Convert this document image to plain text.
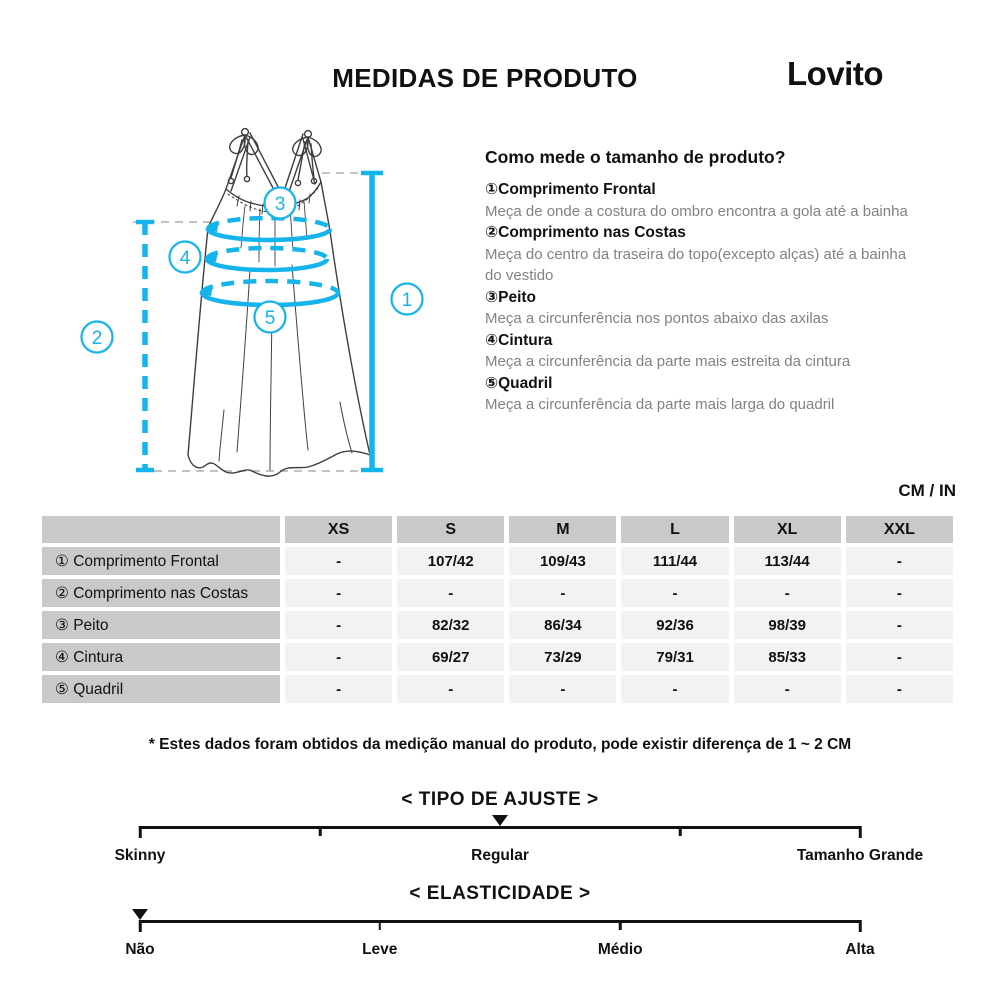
MEDIDAS DE PRODUTO	Lovito
1
2
3
4
5
Como mede o tamanho de produto?
①Comprimento Frontal
Meça de onde a costura do ombro encontra a gola até a bainha
②Comprimento nas Costas
Meça do centro da traseira do topo(excepto alças) até a bainha do vestido
③Peito
Meça a circunferência nos pontos abaixo das axilas
④Cintura
Meça a circunferência da parte mais estreita da cintura
⑤Quadril
Meça a circunferência da parte mais larga do quadril
CM / IN
	XS	S	M	L	XL	XXL
① Comprimento Frontal	-	107/42	109/43	111/44	113/44	-
② Comprimento nas Costas	-	-	-	-	-	-
③ Peito	-	82/32	86/34	92/36	98/39	-
④ Cintura	-	69/27	73/29	79/31	85/33	-
⑤ Quadril	-	-	-	-	-	-
* Estes dados foram obtidos da medição manual do produto, pode existir diferença de 1 ~ 2 CM
< TIPO DE AJUSTE >
Skinny	Regular	Tamanho Grande
< ELASTICIDADE >
Não	Leve	Médio	Alta
